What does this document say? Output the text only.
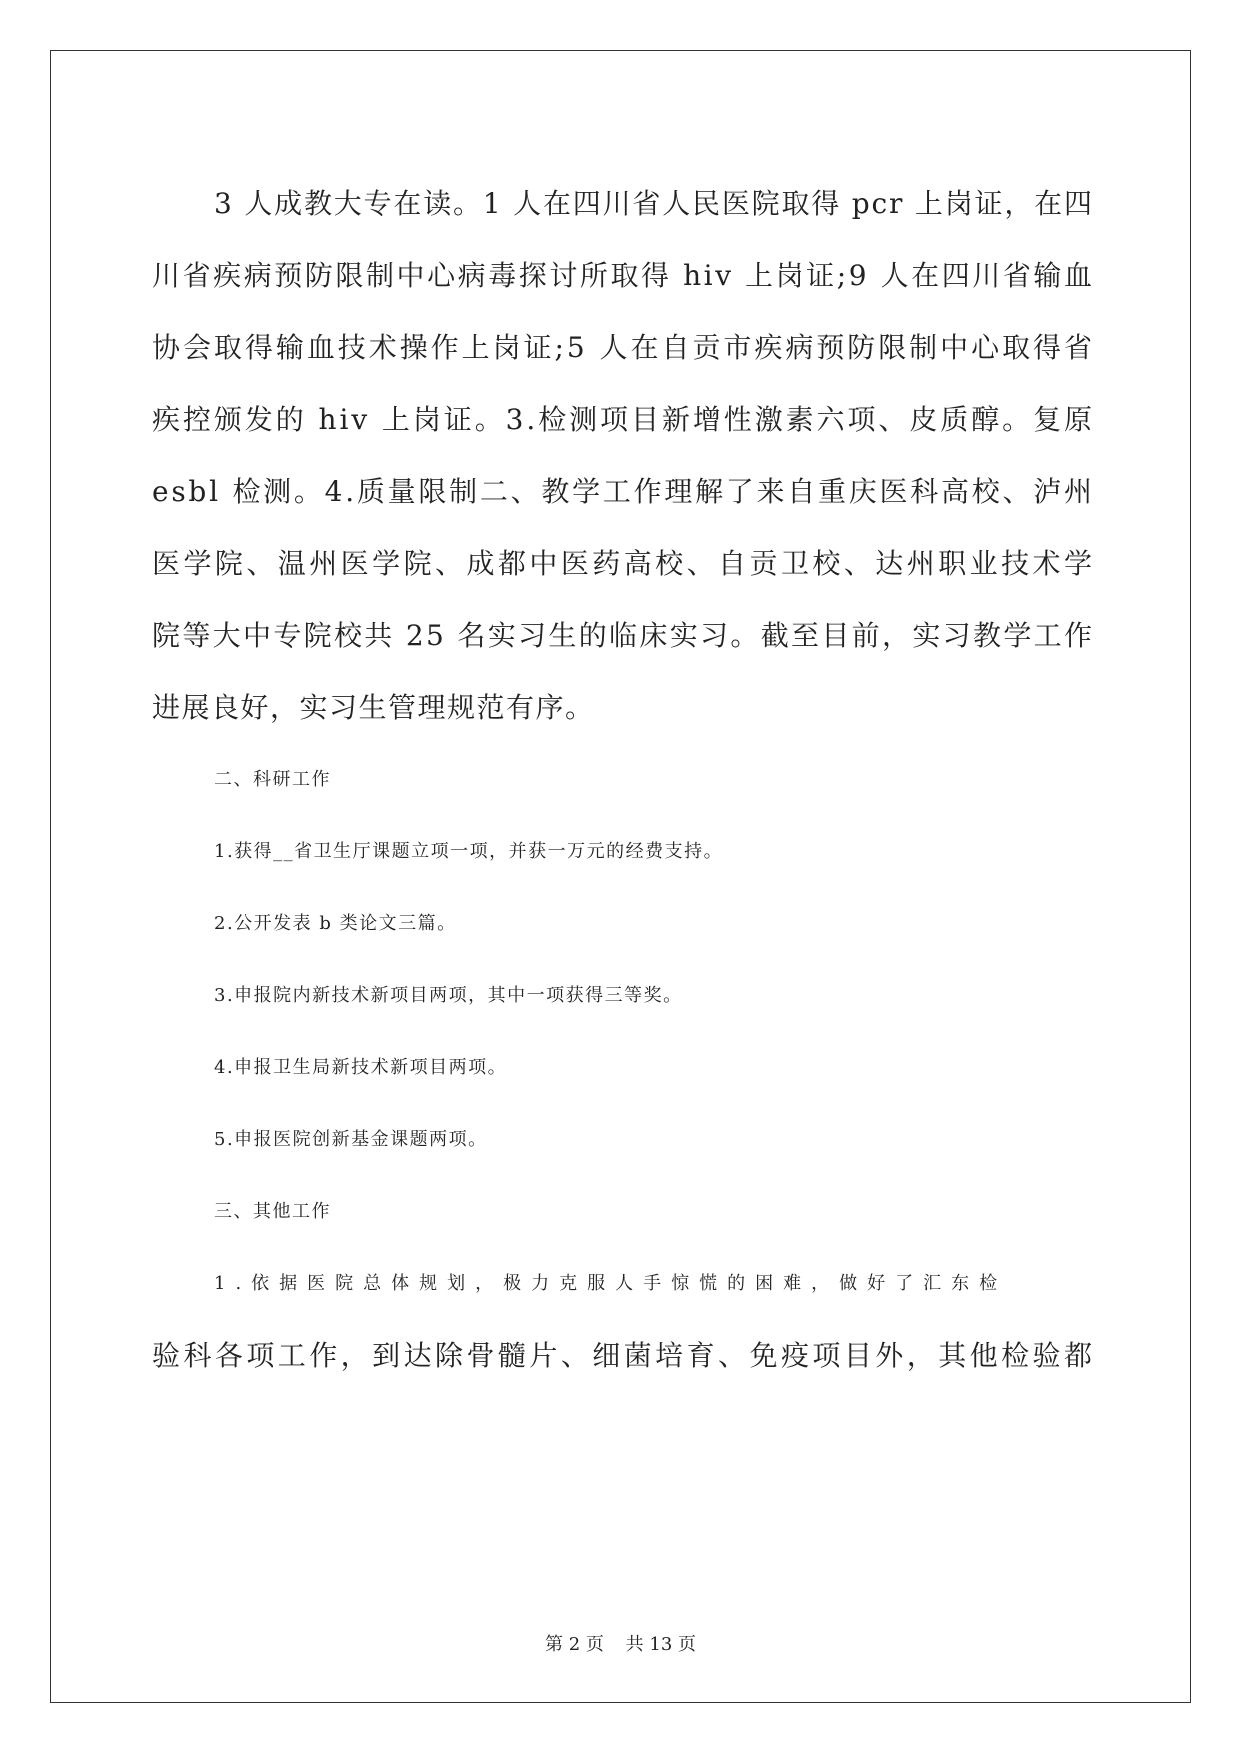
3 人成教大专在读。1 人在四川省人民医院取得 pcr 上岗证，在四
川省疾病预防限制中心病毒探讨所取得 hiv 上岗证;9 人在四川省输血 协会取得输血技术操作上岗证;5 人在自贡市疾病预防限制中心取得省 疾控颁发的 hiv 上岗证。3.检测项目新增性激素六项、皮质醇。复原 esbl 检测。4.质量限制二、教学工作理解了来自重庆医科高校、泸州 医学院、温州医学院、成都中医药高校、自贡卫校、达州职业技术学 院等大中专院校共 25 名实习生的临床实习。截至目前，实习教学工作
进展良好，实习生管理规范有序。
二、科研工作
1.获得__省卫生厅课题立项一项，并获一万元的经费支持。
2.公开发表 b 类论文三篇。
3.申报院内新技术新项目两项，其中一项获得三等奖。
4.申报卫生局新技术新项目两项。
5.申报医院创新基金课题两项。
三、其他工作
1.依据医院总体规划，极力克服人手惊慌的困难，做好了汇东检 验科各项工作，到达除骨髓片、细菌培育、免疫项目外，其他检验都
第 2 页 共 13 页
